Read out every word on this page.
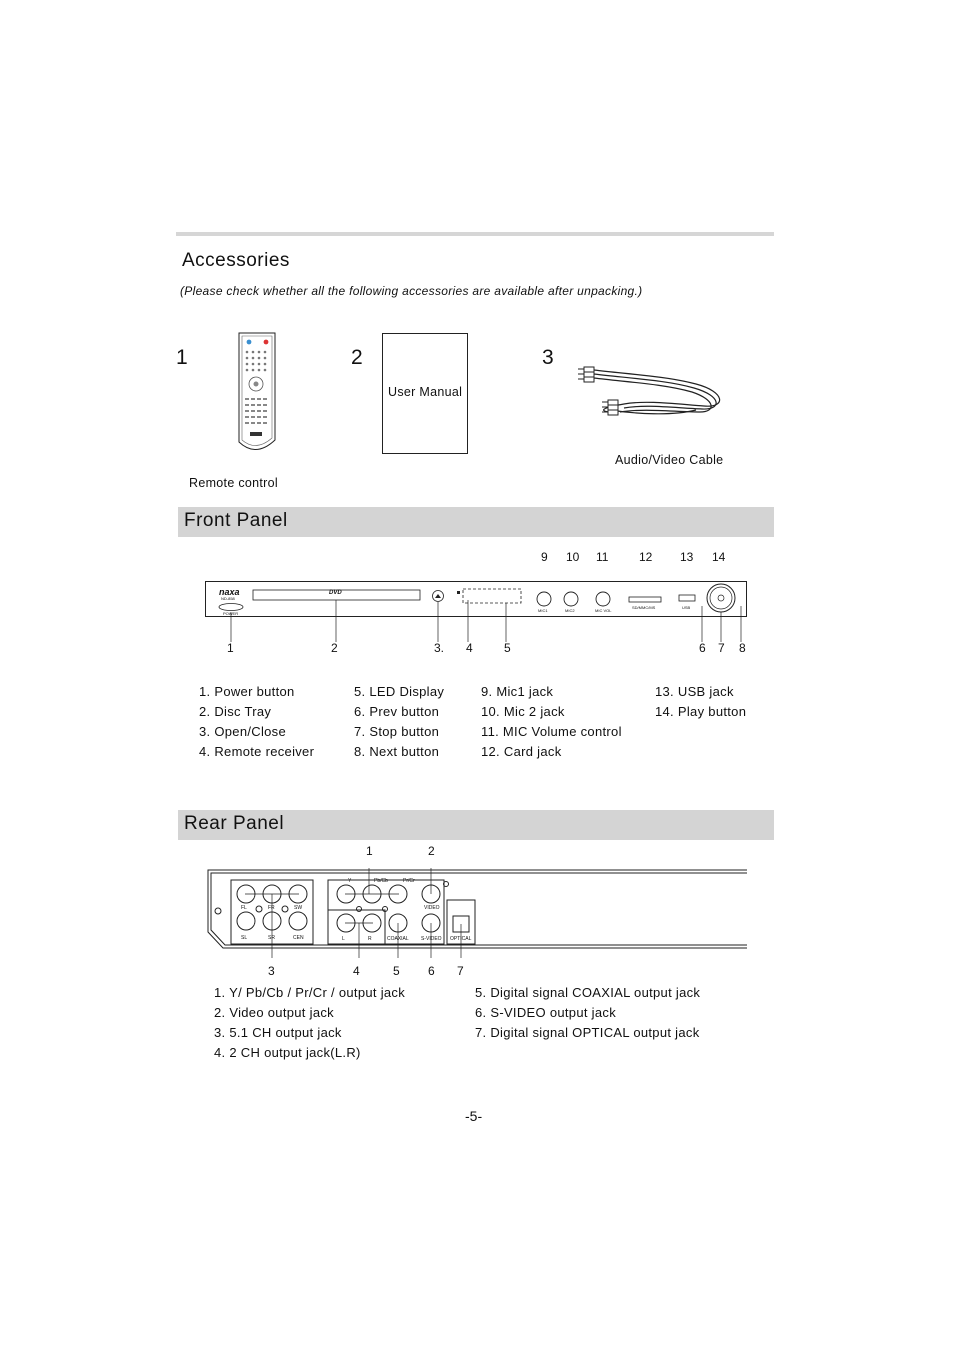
Accessories
(Please check whether all the following accessories are available after unpacking.)
1
Remote control
2
User Manual
3
Audio/Video Cable
Front Panel
9 10 11	12 13 14
naxa
ND-858
POWER
DVD
MIC1	MIC2	MIC VOL
SD/MMC/MS	USB
1	2	3. 4	5	6 7 8
1. Power button
2. Disc Tray
3. Open/Close
4. Remote receiver
5. LED Display
6. Prev button
7. Stop button
8. Next button
9. Mic1 jack
10. Mic 2 jack
11. MIC Volume control
12. Card jack
13. USB jack
14. Play button
Rear Panel
1	2
FL	FR	SW
SL	SR	CEN
Y	Pb/Cb	Pr/Cr
VIDEO
L	R	COAXIAL S-VIDEO OPTICAL
3	4	5 6 7
1. Y/ Pb/Cb / Pr/Cr / output jack
2. Video output jack
3. 5.1 CH output jack
4. 2 CH output jack(L.R)
5. Digital signal COAXIAL output jack
6. S-VIDEO output jack
7. Digital signal OPTICAL output jack
-5-
